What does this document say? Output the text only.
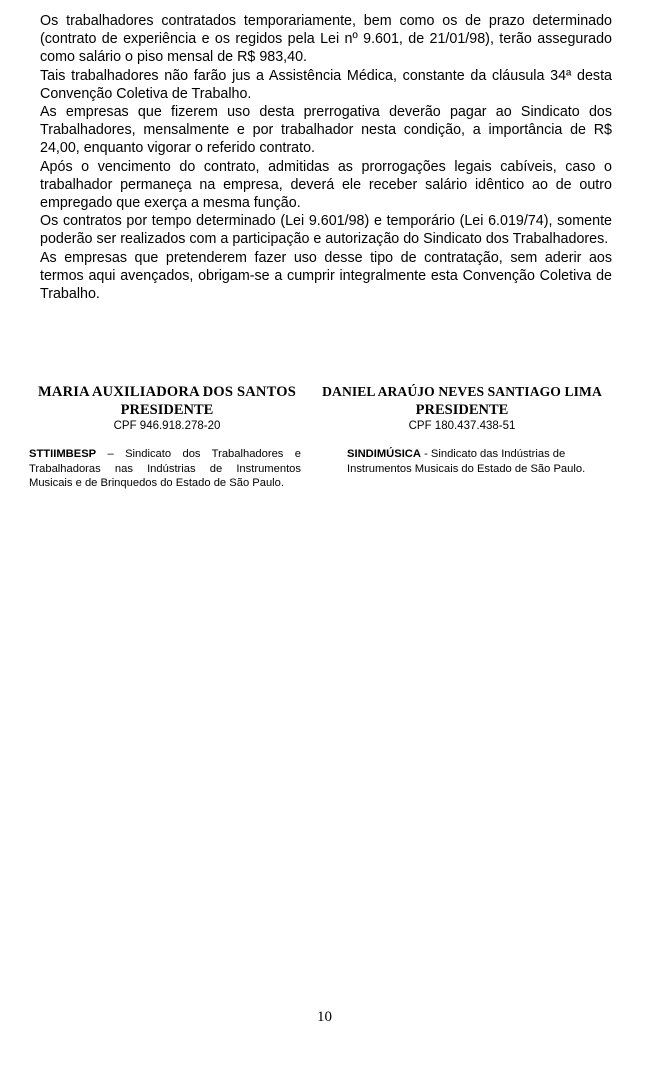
Os trabalhadores contratados temporariamente, bem como os de prazo determinado (contrato de experiência e os regidos pela Lei nº 9.601, de 21/01/98), terão assegurado como salário o piso mensal de R$ 983,40.

Tais trabalhadores não farão jus a Assistência Médica, constante da cláusula 34ª desta Convenção Coletiva de Trabalho.

As empresas que fizerem uso desta prerrogativa deverão pagar ao Sindicato dos Trabalhadores, mensalmente e por trabalhador nesta condição, a importância de R$ 24,00, enquanto vigorar o referido contrato.

Após o vencimento do contrato, admitidas as prorrogações legais cabíveis, caso o trabalhador permaneça na empresa, deverá ele receber salário idêntico ao de outro empregado que exerça a mesma função.

Os contratos por tempo determinado (Lei 9.601/98) e temporário (Lei 6.019/74), somente poderão ser realizados com a participação e autorização do Sindicato dos Trabalhadores.

As empresas que pretenderem fazer uso desse tipo de contratação, sem aderir aos termos aqui avençados, obrigam-se a cumprir integralmente esta Convenção Coletiva de Trabalho.

MARIA AUXILIADORA DOS SANTOS
PRESIDENTE
CPF 946.918.278-20
DANIEL ARAÚJO NEVES SANTIAGO LIMA
PRESIDENTE
CPF 180.437.438-51
STTIIMBESP – Sindicato dos Trabalhadores e Trabalhadoras nas Indústrias de Instrumentos Musicais e de Brinquedos do Estado de São Paulo.
SINDIMÚSICA - Sindicato das Indústrias de Instrumentos Musicais do Estado de São Paulo.
10
